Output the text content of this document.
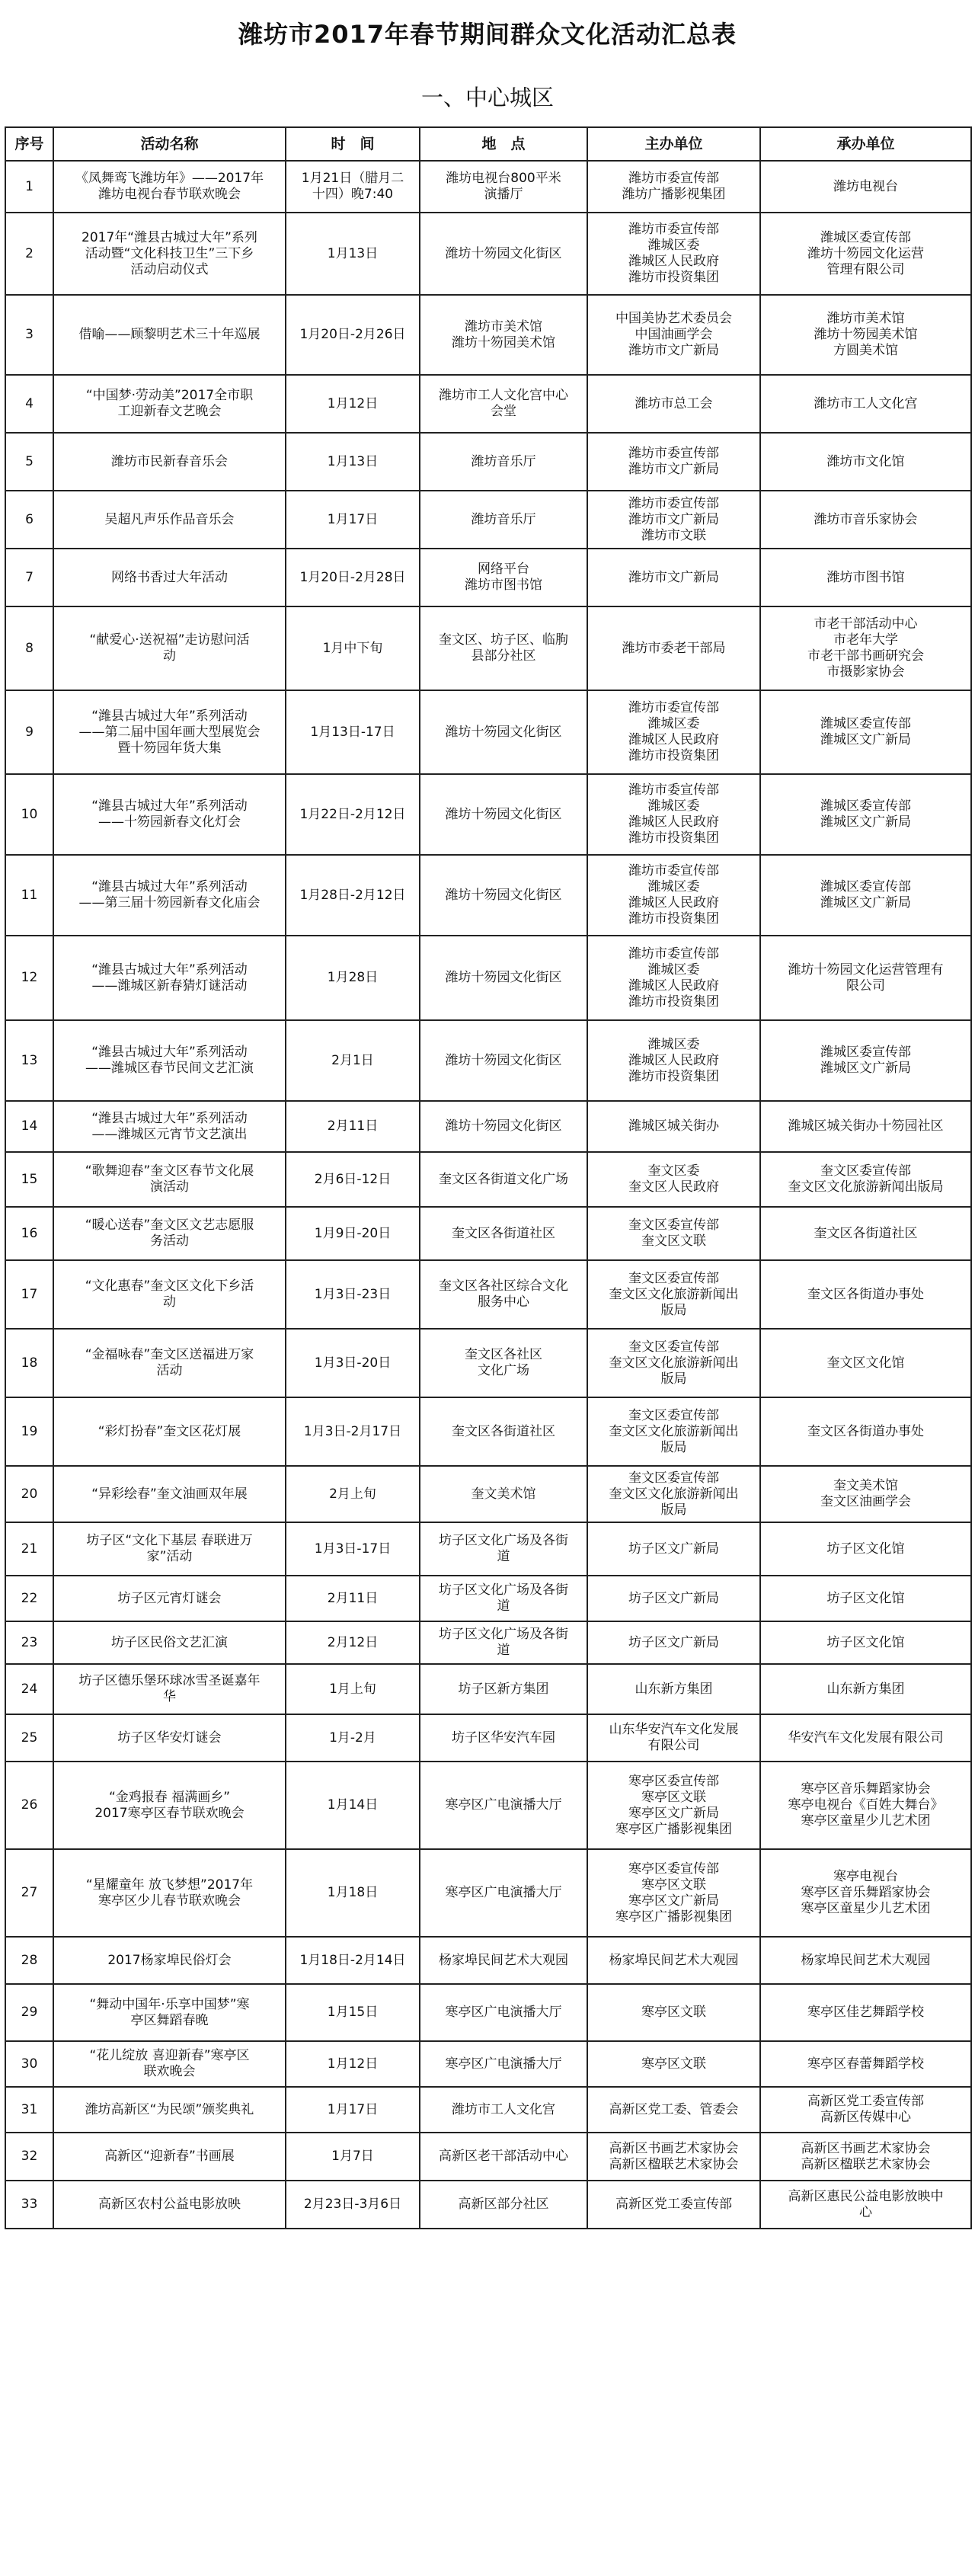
潍坊市2017年春节期间群众文化活动汇总表
一、中心城区
序号	活动名称	时　间	地　点	主办单位	承办单位
1	《凤舞鸾飞潍坊年》——2017年
潍坊电视台春节联欢晚会	1月21日（腊月二
十四）晚7:40	潍坊电视台800平米
演播厅	潍坊市委宣传部
潍坊广播影视集团	潍坊电视台
2	2017年“潍县古城过大年”系列
活动暨“文化科技卫生”三下乡
活动启动仪式	1月13日	潍坊十笏园文化街区	潍坊市委宣传部
潍城区委
潍城区人民政府
潍坊市投资集团	潍城区委宣传部
潍坊十笏园文化运营
管理有限公司
3	借喻——顾黎明艺术三十年巡展	1月20日-2月26日	潍坊市美术馆
潍坊十笏园美术馆	中国美协艺术委员会
中国油画学会
潍坊市文广新局	潍坊市美术馆
潍坊十笏园美术馆
方圆美术馆
4	“中国梦·劳动美”2017全市职
工迎新春文艺晚会	1月12日	潍坊市工人文化宫中心
会堂	潍坊市总工会	潍坊市工人文化宫
5	潍坊市民新春音乐会	1月13日	潍坊音乐厅	潍坊市委宣传部
潍坊市文广新局	潍坊市文化馆
6	吴超凡声乐作品音乐会	1月17日	潍坊音乐厅	潍坊市委宣传部
潍坊市文广新局
潍坊市文联	潍坊市音乐家协会
7	网络书香过大年活动	1月20日-2月28日	网络平台
潍坊市图书馆	潍坊市文广新局	潍坊市图书馆
8	“献爱心·送祝福”走访慰问活
动	1月中下旬	奎文区、坊子区、临朐
县部分社区	潍坊市委老干部局	市老干部活动中心
市老年大学
市老干部书画研究会
市摄影家协会
9	“潍县古城过大年”系列活动
——第二届中国年画大型展览会
暨十笏园年货大集	1月13日-17日	潍坊十笏园文化街区	潍坊市委宣传部
潍城区委
潍城区人民政府
潍坊市投资集团	潍城区委宣传部
潍城区文广新局
10	“潍县古城过大年”系列活动
——十笏园新春文化灯会	1月22日-2月12日	潍坊十笏园文化街区	潍坊市委宣传部
潍城区委
潍城区人民政府
潍坊市投资集团	潍城区委宣传部
潍城区文广新局
11	“潍县古城过大年”系列活动
——第三届十笏园新春文化庙会	1月28日-2月12日	潍坊十笏园文化街区	潍坊市委宣传部
潍城区委
潍城区人民政府
潍坊市投资集团	潍城区委宣传部
潍城区文广新局
12	“潍县古城过大年”系列活动
——潍城区新春猜灯谜活动	1月28日	潍坊十笏园文化街区	潍坊市委宣传部
潍城区委
潍城区人民政府
潍坊市投资集团	潍坊十笏园文化运营管理有
限公司
13	“潍县古城过大年”系列活动
——潍城区春节民间文艺汇演	2月1日	潍坊十笏园文化街区	潍城区委
潍城区人民政府
潍坊市投资集团	潍城区委宣传部
潍城区文广新局
14	“潍县古城过大年”系列活动
——潍城区元宵节文艺演出	2月11日	潍坊十笏园文化街区	潍城区城关街办	潍城区城关街办十笏园社区
15	“歌舞迎春”奎文区春节文化展
演活动	2月6日-12日	奎文区各街道文化广场	奎文区委
奎文区人民政府	奎文区委宣传部
奎文区文化旅游新闻出版局
16	“暖心送春”奎文区文艺志愿服
务活动	1月9日-20日	奎文区各街道社区	奎文区委宣传部
奎文区文联	奎文区各街道社区
17	“文化惠春”奎文区文化下乡活
动	1月3日-23日	奎文区各社区综合文化
服务中心	奎文区委宣传部
奎文区文化旅游新闻出
版局	奎文区各街道办事处
18	“金福咏春”奎文区送福进万家
活动	1月3日-20日	奎文区各社区
文化广场	奎文区委宣传部
奎文区文化旅游新闻出
版局	奎文区文化馆
19	“彩灯扮春”奎文区花灯展	1月3日-2月17日	奎文区各街道社区	奎文区委宣传部
奎文区文化旅游新闻出
版局	奎文区各街道办事处
20	“异彩绘春”奎文油画双年展	2月上旬	奎文美术馆	奎文区委宣传部
奎文区文化旅游新闻出
版局	奎文美术馆
奎文区油画学会
21	坊子区“文化下基层 春联进万
家”活动	1月3日-17日	坊子区文化广场及各街
道	坊子区文广新局	坊子区文化馆
22	坊子区元宵灯谜会	2月11日	坊子区文化广场及各街
道	坊子区文广新局	坊子区文化馆
23	坊子区民俗文艺汇演	2月12日	坊子区文化广场及各街
道	坊子区文广新局	坊子区文化馆
24	坊子区德乐堡环球冰雪圣诞嘉年
华	1月上旬	坊子区新方集团	山东新方集团	山东新方集团
25	坊子区华安灯谜会	1月-2月	坊子区华安汽车园	山东华安汽车文化发展
有限公司	华安汽车文化发展有限公司
26	“金鸡报春 福满画乡”
2017寒亭区春节联欢晚会	1月14日	寒亭区广电演播大厅	寒亭区委宣传部
寒亭区文联
寒亭区文广新局
寒亭区广播影视集团	寒亭区音乐舞蹈家协会
寒亭电视台《百姓大舞台》
寒亭区童星少儿艺术团
27	“星耀童年 放飞梦想”2017年
寒亭区少儿春节联欢晚会	1月18日	寒亭区广电演播大厅	寒亭区委宣传部
寒亭区文联
寒亭区文广新局
寒亭区广播影视集团	寒亭电视台
寒亭区音乐舞蹈家协会
寒亭区童星少儿艺术团
28	2017杨家埠民俗灯会	1月18日-2月14日	杨家埠民间艺术大观园	杨家埠民间艺术大观园	杨家埠民间艺术大观园
29	“舞动中国年·乐享中国梦”寒
亭区舞蹈春晚	1月15日	寒亭区广电演播大厅	寒亭区文联	寒亭区佳艺舞蹈学校
30	“花儿绽放 喜迎新春”寒亭区
联欢晚会	1月12日	寒亭区广电演播大厅	寒亭区文联	寒亭区春蕾舞蹈学校
31	潍坊高新区“为民颂”颁奖典礼	1月17日	潍坊市工人文化宫	高新区党工委、管委会	高新区党工委宣传部
高新区传媒中心
32	高新区“迎新春”书画展	1月7日	高新区老干部活动中心	高新区书画艺术家协会
高新区楹联艺术家协会	高新区书画艺术家协会
高新区楹联艺术家协会
33	高新区农村公益电影放映	2月23日-3月6日	高新区部分社区	高新区党工委宣传部	高新区惠民公益电影放映中
心
